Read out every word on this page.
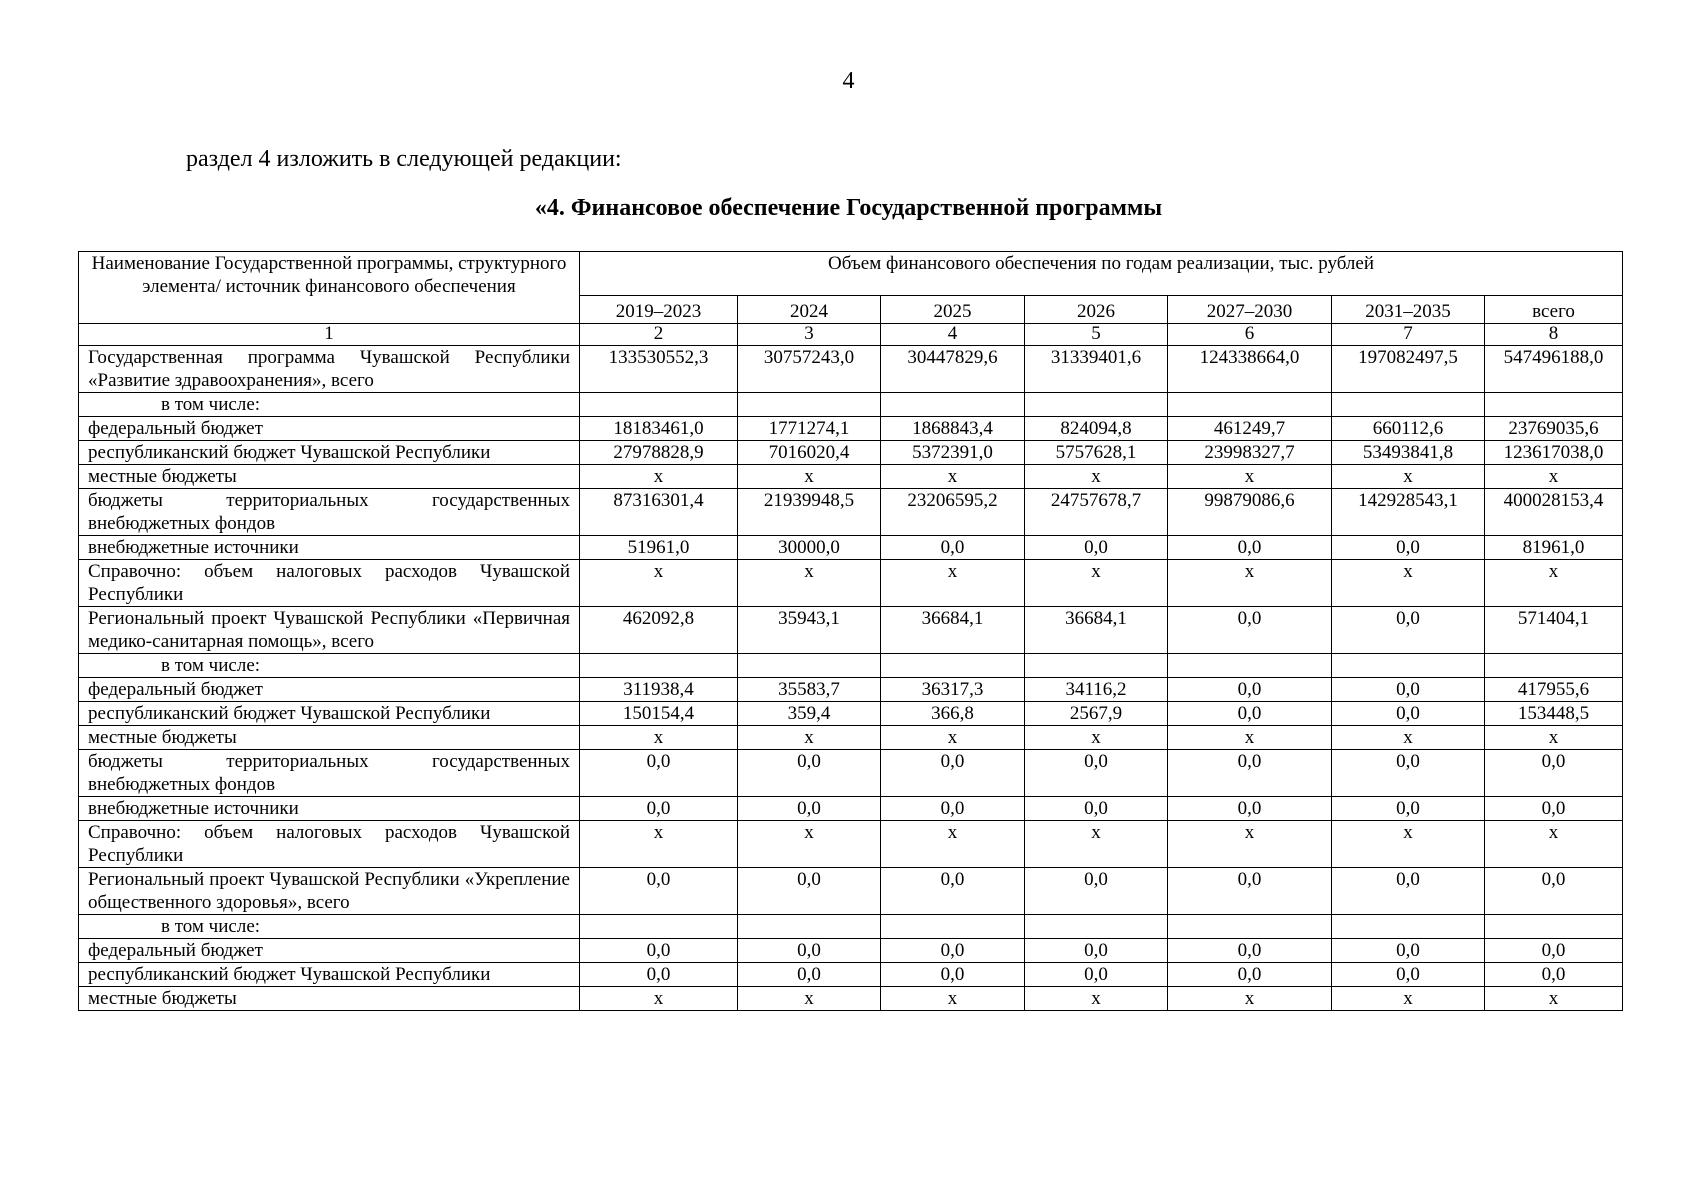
4
раздел 4 изложить в следующей редакции:
«4. Финансовое обеспечение Государственной программы
Наименование Государственной программы, структурного элемента/ источник финансового обеспечения	Объем финансового обеспечения по годам реализации, тыс. рублей						
	2019–2023	2024	2025	2026	2027–2030	2031–2035	всего
1	2	3	4	5	6	7	8
Государственная программа Чувашской Республики «Развитие здравоохранения», всего	133530552,3	30757243,0	30447829,6	31339401,6	124338664,0	197082497,5	547496188,0
в том числе:							
федеральный бюджет	18183461,0	1771274,1	1868843,4	824094,8	461249,7	660112,6	23769035,6
республиканский бюджет Чувашской Республики	27978828,9	7016020,4	5372391,0	5757628,1	23998327,7	53493841,8	123617038,0
местные бюджеты	x	x	x	x	x	x	x
бюджеты территориальных государственных внебюджетных фондов	87316301,4	21939948,5	23206595,2	24757678,7	99879086,6	142928543,1	400028153,4
внебюджетные источники	51961,0	30000,0	0,0	0,0	0,0	0,0	81961,0
Справочно: объем налоговых расходов Чувашской Республики	x	x	x	x	x	x	x
Региональный проект Чувашской Республики «Первичная медико-санитарная помощь», всего	462092,8	35943,1	36684,1	36684,1	0,0	0,0	571404,1
в том числе:							
федеральный бюджет	311938,4	35583,7	36317,3	34116,2	0,0	0,0	417955,6
республиканский бюджет Чувашской Республики	150154,4	359,4	366,8	2567,9	0,0	0,0	153448,5
местные бюджеты	x	x	x	x	x	x	x
бюджеты территориальных государственных внебюджетных фондов	0,0	0,0	0,0	0,0	0,0	0,0	0,0
внебюджетные источники	0,0	0,0	0,0	0,0	0,0	0,0	0,0
Справочно: объем налоговых расходов Чувашской Республики	x	x	x	x	x	x	x
Региональный проект Чувашской Республики «Укрепление общественного здоровья», всего	0,0	0,0	0,0	0,0	0,0	0,0	0,0
в том числе:							
федеральный бюджет	0,0	0,0	0,0	0,0	0,0	0,0	0,0
республиканский бюджет Чувашской Республики	0,0	0,0	0,0	0,0	0,0	0,0	0,0
местные бюджеты	x	x	x	x	x	x	x
